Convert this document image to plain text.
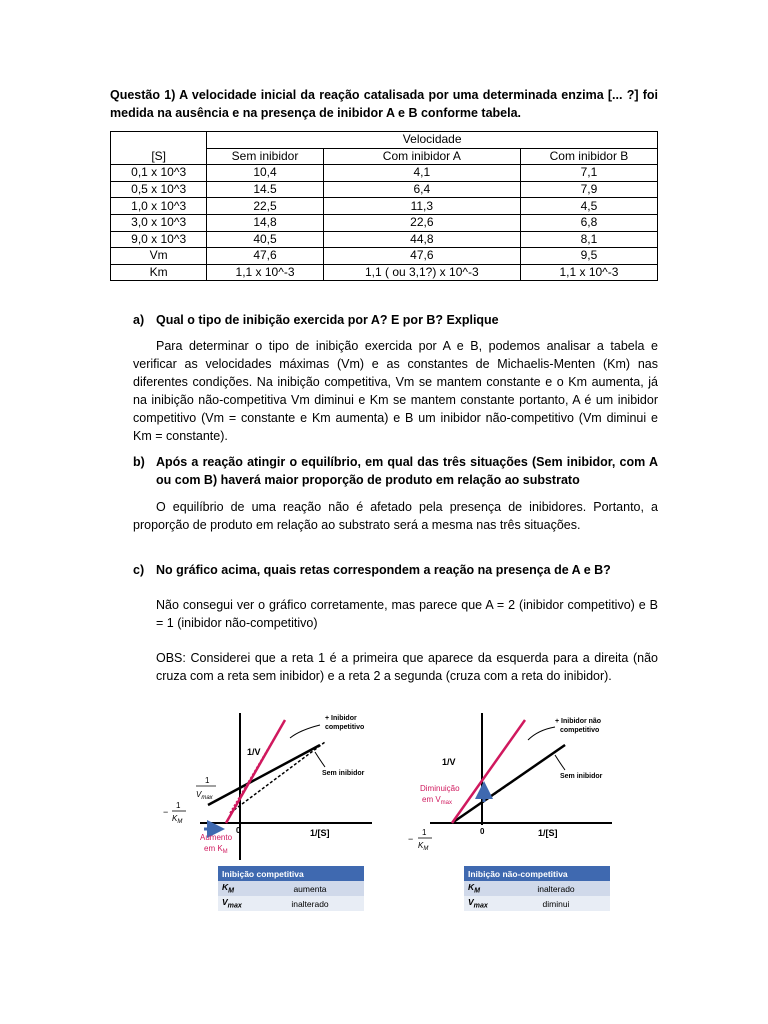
Questão 1) A velocidade inicial da reação catalisada por uma determinada enzima [... ?] foi medida na ausência e na presença de inibidor A e B conforme tabela.

	Velocidade		
[S]	Sem inibidor	Com inibidor A	Com inibidor B
0,1 x 10^3	10,4	4,1	7,1
0,5 x 10^3	14.5	6,4	7,9
1,0 x 10^3	22,5	11,3	4,5
3,0 x 10^3	14,8	22,6	6,8
9,0 x 10^3	40,5	44,8	8,1
Vm	47,6	47,6	9,5
Km	1,1 x 10^-3	1,1 ( ou 3,1?) x 10^-3	1,1 x 10^-3
a) Qual o tipo de inibição exercida por A? E por B? Explique

Para determinar o tipo de inibição exercida por A e B, podemos analisar a tabela e verificar as velocidades máximas (Vm) e as constantes de Michaelis-Menten (Km) nas diferentes condições. Na inibição competitiva, Vm se mantem constante e o Km aumenta, já na inibição não-competitiva Vm diminui e Km se mantem constante portanto, A é um inibidor competitivo (Vm = constante e Km aumenta) e B um inibidor não-competitivo (Vm diminui e Km = constante).

b) Após a reação atingir o equilíbrio, em qual das três situações (Sem inibidor, com A ou com B) haverá maior proporção de produto em relação ao substrato

O equilíbrio de uma reação não é afetado pela presença de inibidores. Portanto, a proporção de produto em relação ao substrato será a mesma nas três situações.

c) No gráfico acima, quais retas correspondem a reação na presença de A e B?

Não consegui ver o gráfico corretamente, mas parece que A = 2 (inibidor competitivo) e B = 1 (inibidor não-competitivo)

OBS: Considerei que a reta 1 é a primeira que aparece da esquerda para a direita (não cruza com a reta sem inibidor) e a reta 2 a segunda (cruza com a reta do inibidor).

1/V
1/[S]
0
+ Inibidor
competitivo
Sem inibidor
1
$V_{max}$
−
1
$K_M$
Aumento
em $K_M$
Inibição competitiva	
$K_M$	aumenta
$V_{max}$	inalterado
1/V
1/[S]
0
+ Inibidor não
competitivo
Sem inibidor
Diminuição
em $V_{max}$
−
1
$K_M$
Inibição não-competitiva	
$K_M$	inalterado
$V_{max}$	diminui
